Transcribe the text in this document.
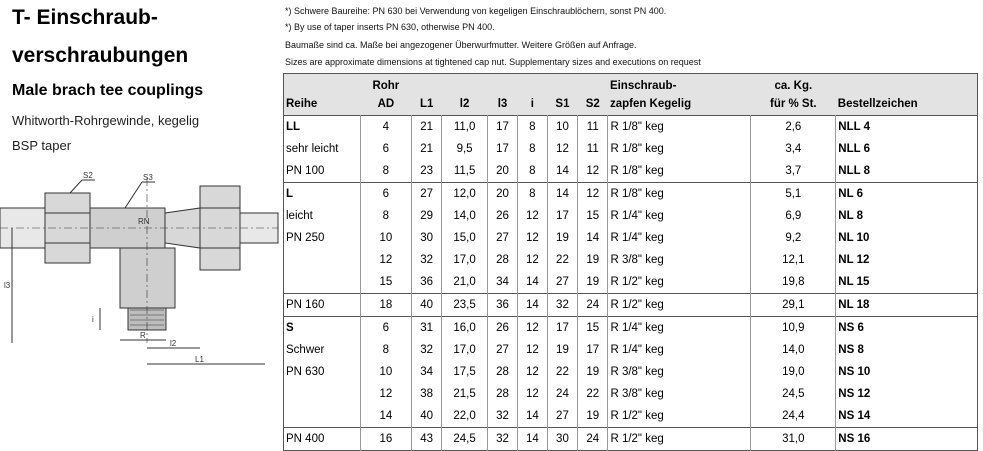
T- Einschraub-
verschraubungen
Male brach tee couplings
Whitworth-Rohrgewinde, kegelig
BSP taper
S2	S3
RN
i
l3
R
l2
L1
*) Schwere Baureihe: PN 630 bei Verwendung von kegeligen Einschraublöchern, sonst PN 400.
*) By use of taper inserts PN 630, otherwise PN 400.
Baumaße sind ca. Maße bei angezogener Überwurfmutter. Weitere Größen auf Anfrage.
Sizes are approximate dimensions at tightened cap nut. Supplementary sizes and executions on request
	Rohr							Einschraub-	ca. Kg.	
Reihe	AD	L1	l2	l3	i	S1	S2	zapfen Kegelig	für % St.	Bestellzeichen
LL	4	21	11,0	17	8	10	11	R 1/8" keg	2,6	NLL 4
sehr leicht	6	21	9,5	17	8	12	11	R 1/8" keg	3,4	NLL 6
PN 100	8	23	11,5	20	8	14	12	R 1/8" keg	3,7	NLL 8
L	6	27	12,0	20	8	14	12	R 1/8" keg	5,1	NL 6
leicht	8	29	14,0	26	12	17	15	R 1/4" keg	6,9	NL 8
PN 250	10	30	15,0	27	12	19	14	R 1/4" keg	9,2	NL 10
	12	32	17,0	28	12	22	19	R 3/8" keg	12,1	NL 12
	15	36	21,0	34	14	27	19	R 1/2" keg	19,8	NL 15
PN 160	18	40	23,5	36	14	32	24	R 1/2" keg	29,1	NL 18
S	6	31	16,0	26	12	17	15	R 1/4" keg	10,9	NS 6
Schwer	8	32	17,0	27	12	19	17	R 1/4" keg	14,0	NS 8
PN 630	10	34	17,5	28	12	22	19	R 3/8" keg	19,0	NS 10
	12	38	21,5	28	12	24	22	R 3/8" keg	24,5	NS 12
	14	40	22,0	32	14	27	19	R 1/2" keg	24,4	NS 14
PN 400	16	43	24,5	32	14	30	24	R 1/2" keg	31,0	NS 16
